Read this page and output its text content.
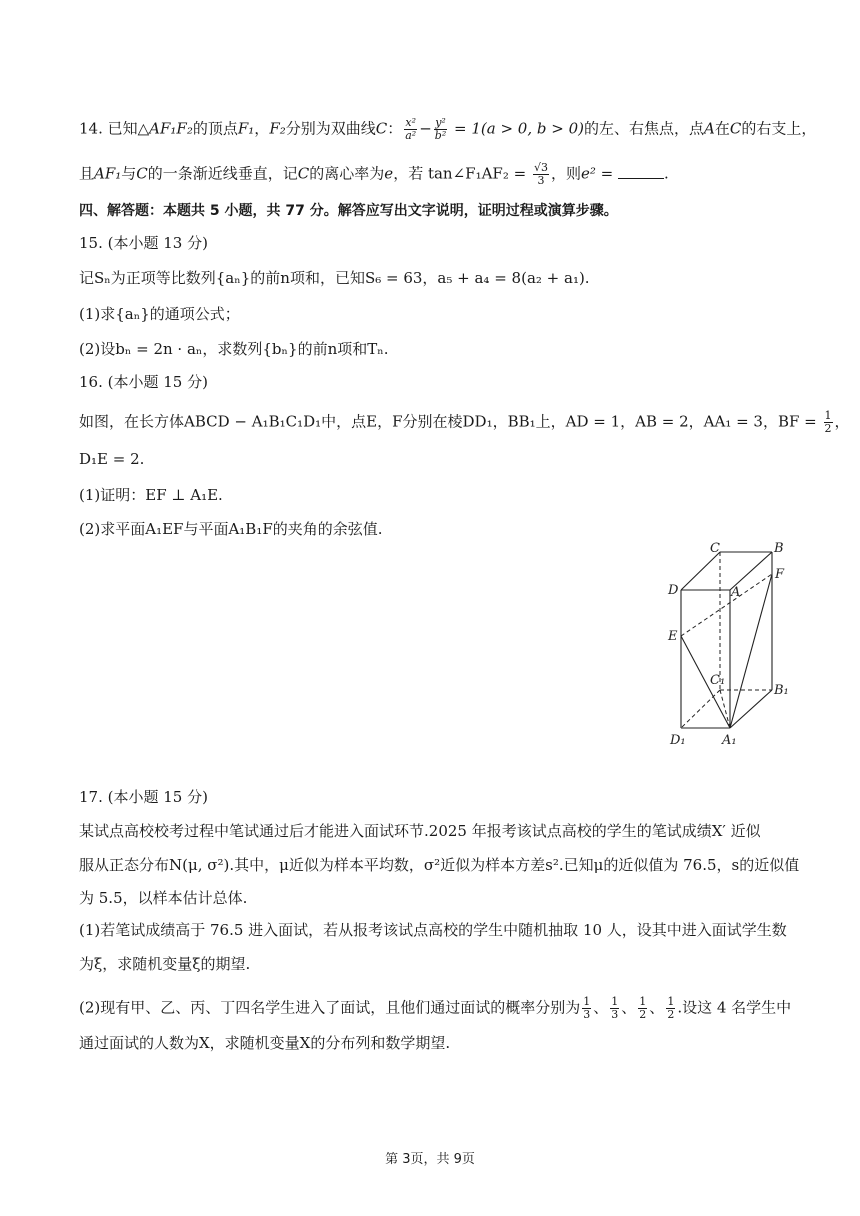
14. 已知△AF₁F₂的顶点F₁，F₂分别为双曲线C： $\frac{\text{x²}}{\text{a²}} - \frac{\text{y²}}{\text{b²}} = 1(a > 0$, b > 0)的左、右焦点，点A在C的右支上，
且AF₁与C的一条渐近线垂直，记C的离心率为e，若 tan∠F₁AF₂ = $\frac{√3}{3}$ ，则e² =	.
四、解答题：本题共 5 小题，共 77 分。解答应写出文字说明，证明过程或演算步骤。
15. (本小题 13 分)
记Sₙ为正项等比数列{aₙ}的前n项和，已知S₆ = 63，a₅ + a₄ = 8(a₂ + a₁).
(1)求{aₙ}的通项公式；
(2)设bₙ = 2n · aₙ，求数列{bₙ}的前n项和Tₙ.
16. (本小题 15 分)
如图，在长方体ABCD − A₁B₁C₁D₁中，点E，F分别在棱DD₁，BB₁上，AD = 1，AB = 2，AA₁ = 3，BF = $\frac{1}{2}$ ，
D₁E = 2.
(1)证明：EF ⊥ A₁E.
(2)求平面A₁EF与平面A₁B₁F的夹角的余弦值.
C	B
D	A
F
E
C₁
B₁
D₁	A₁
17. (本小题 15 分)
某试点高校校考过程中笔试通过后才能进入面试环节.2025 年报考该试点高校的学生的笔试成绩X′ 近似
服从正态分布N(μ, σ²).其中，μ近似为样本平均数，σ²近似为样本方差s².已知μ的近似值为 76.5，s的近似值
为 5.5，以样本估计总体.
(1)若笔试成绩高于 76.5 进入面试，若从报考该试点高校的学生中随机抽取 10 人，设其中进入面试学生数
为ξ，求随机变量ξ的期望.
(2)现有甲、乙、丙、丁四名学生进入了面试，且他们通过面试的概率分别为 $\frac{1}{3}$ 、 $\frac{1}{3}$ 、 $\frac{1}{2}$ 、 $\frac{1}{2}$ .设这 4 名学生中
通过面试的人数为X，求随机变量X的分布列和数学期望.
第 3页，共 9页
